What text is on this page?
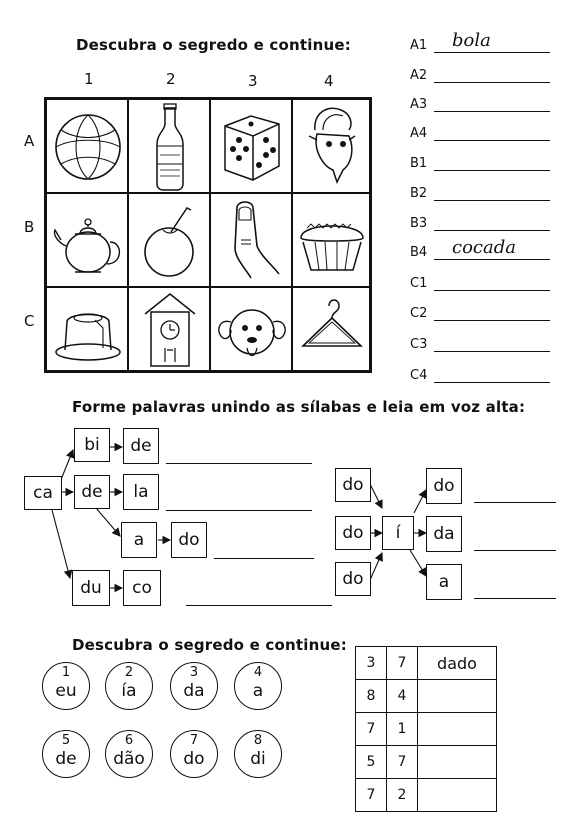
Descubra o segredo e continue:
1	2	3	4
A
B
C
A1 bola
A2
A3
A4
B1
B2
B3
B4 cocada
C1
C2
C3
C4
Forme palavras unindo as sílabas e leia em voz alta:
ca
bi
de
du
de
la
a
co
do
do
do
do
í
do
da
a
Descubra o segredo e continue:
1
eu
2
ía
3
da
4
a
5
de
6
dão
7
do
8
di
3	7	dado
8	4	
7	1	
5	7	
7	2	
